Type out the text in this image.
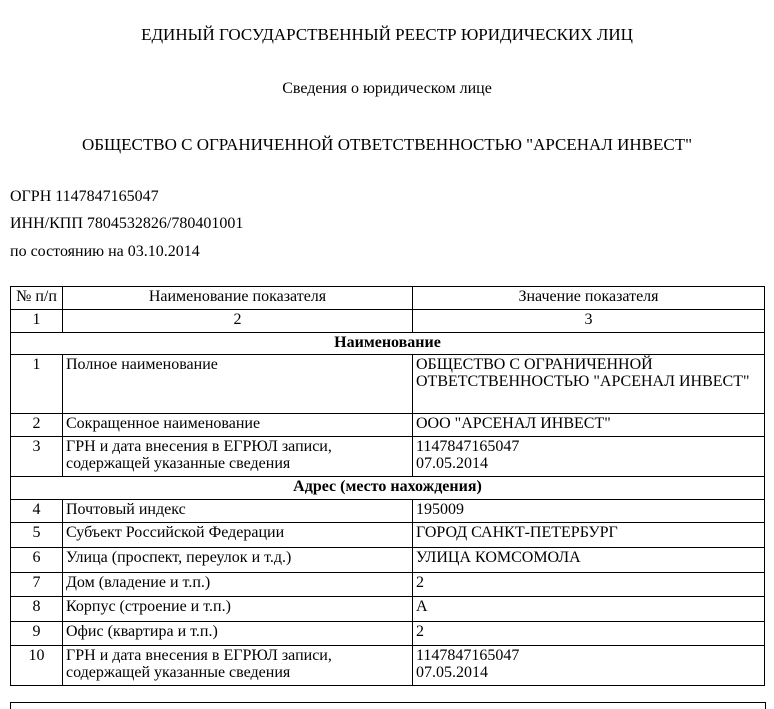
ЕДИНЫЙ ГОСУДАРСТВЕННЫЙ РЕЕСТР ЮРИДИЧЕСКИХ ЛИЦ
Сведения о юридическом лице
ОБЩЕСТВО С ОГРАНИЧЕННОЙ ОТВЕТСТВЕННОСТЬЮ "АРСЕНАЛ ИНВЕСТ"
ОГРН 1147847165047
ИНН/КПП 7804532826/780401001
по состоянию на 03.10.2014
№ п/п	Наименование показателя	Значение показателя
1	2	3
Наименование		
1	Полное наименование	ОБЩЕСТВО С ОГРАНИЧЕННОЙ ОТВЕТСТВЕННОСТЬЮ "АРСЕНАЛ ИНВЕСТ"
2	Сокращенное наименование	ООО "АРСЕНАЛ ИНВЕСТ"
3	ГРН и дата внесения в ЕГРЮЛ записи, содержащей указанные сведения	1147847165047
07.05.2014
Адрес (место нахождения)		
4	Почтовый индекс	195009
5	Субъект Российской Федерации	ГОРОД САНКТ-ПЕТЕРБУРГ
6	Улица (проспект, переулок и т.д.)	УЛИЦА КОМСОМОЛА
7	Дом (владение и т.п.)	2
8	Корпус (строение и т.п.)	А
9	Офис (квартира и т.п.)	2
10	ГРН и дата внесения в ЕГРЮЛ записи, содержащей указанные сведения	1147847165047
07.05.2014
